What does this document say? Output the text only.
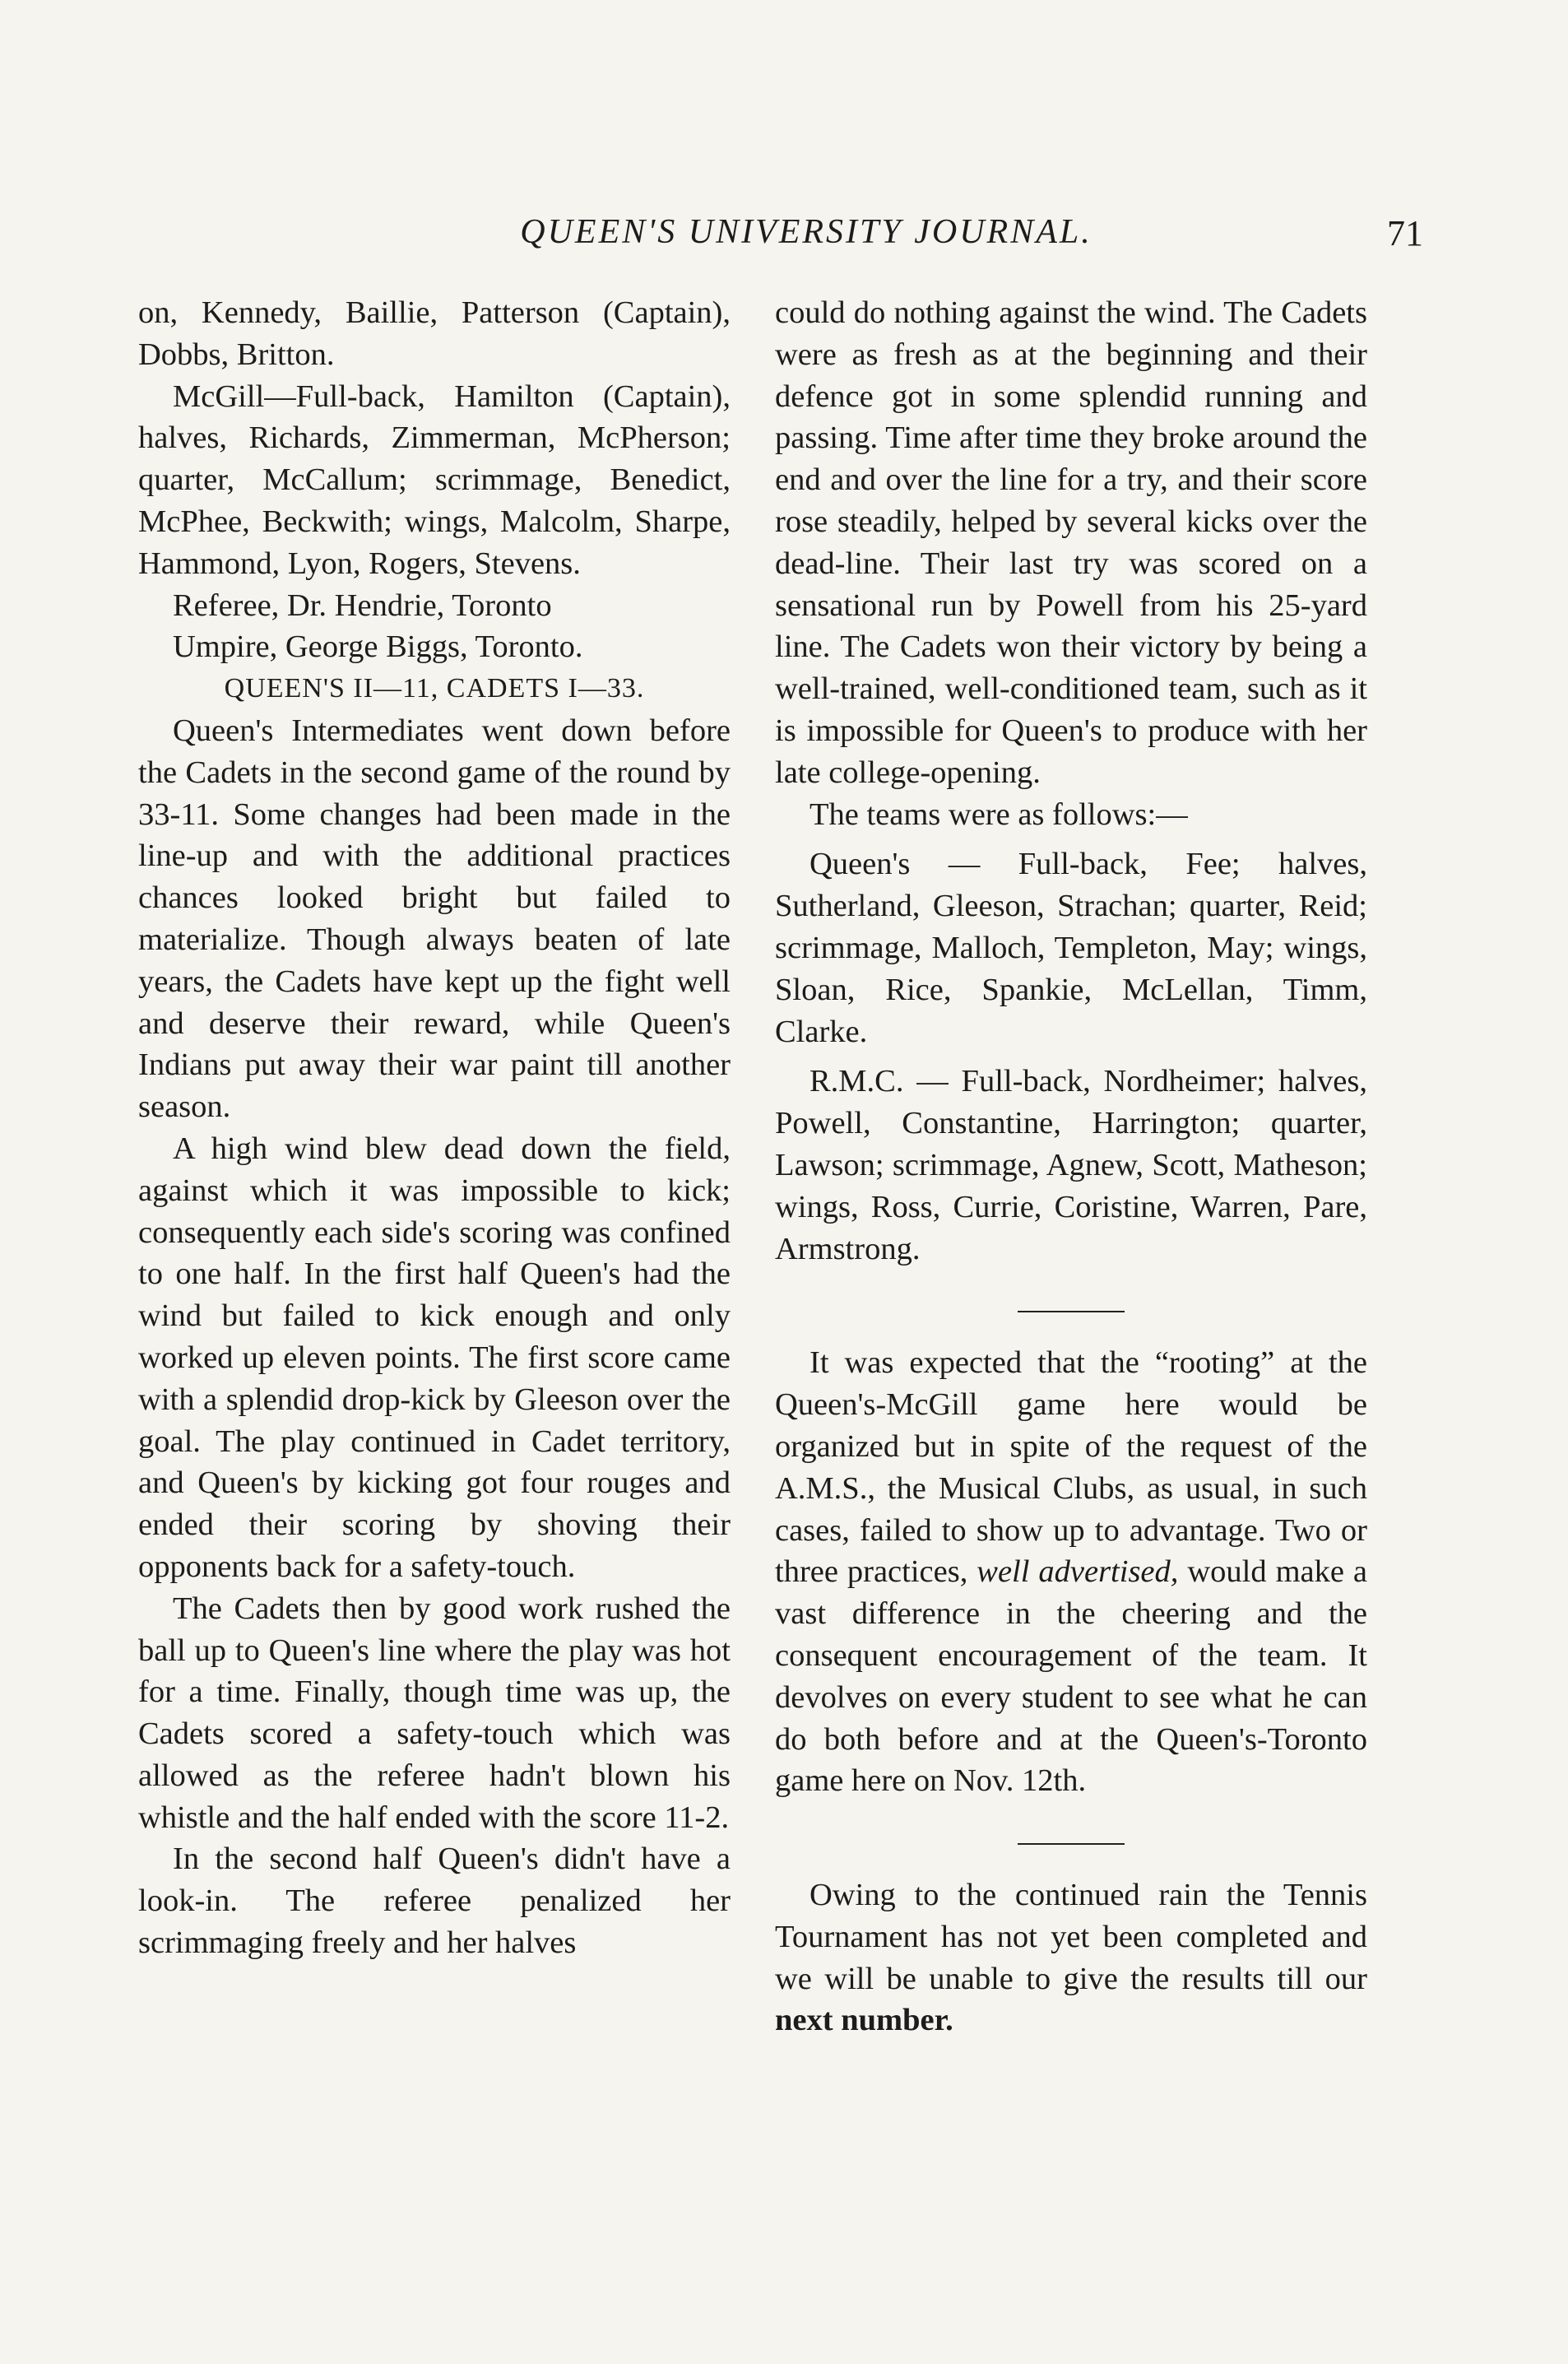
QUEEN'S UNIVERSITY JOURNAL.	71

on, Kennedy, Baillie, Patterson (Captain), Dobbs, Britton.

McGill—Full-back, Hamilton (Captain), halves, Richards, Zimmerman, McPherson; quarter, McCallum; scrimmage, Benedict, McPhee, Beckwith; wings, Malcolm, Sharpe, Hammond, Lyon, Rogers, Stevens.

Referee, Dr. Hendrie, Toronto

Umpire, George Biggs, Toronto.

QUEEN'S II—11, CADETS I—33.

Queen's Intermediates went down before the Cadets in the second game of the round by 33-11. Some changes had been made in the line-up and with the additional practices chances looked bright but failed to materialize. Though always beaten of late years, the Cadets have kept up the fight well and deserve their reward, while Queen's Indians put away their war paint till another season.

A high wind blew dead down the field, against which it was impossible to kick; consequently each side's scoring was confined to one half. In the first half Queen's had the wind but failed to kick enough and only worked up eleven points. The first score came with a splendid drop-kick by Gleeson over the goal. The play continued in Cadet territory, and Queen's by kicking got four rouges and ended their scoring by shoving their opponents back for a safety-touch.

The Cadets then by good work rushed the ball up to Queen's line where the play was hot for a time. Finally, though time was up, the Cadets scored a safety-touch which was allowed as the referee hadn't blown his whistle and the half ended with the score 11-2.

In the second half Queen's didn't have a look-in. The referee penalized her scrimmaging freely and her halves

could do nothing against the wind. The Cadets were as fresh as at the beginning and their defence got in some splendid running and passing. Time after time they broke around the end and over the line for a try, and their score rose steadily, helped by several kicks over the dead-line. Their last try was scored on a sensational run by Powell from his 25-yard line. The Cadets won their victory by being a well-trained, well-conditioned team, such as it is impossible for Queen's to produce with her late college-opening.

The teams were as follows:—

Queen's — Full-back, Fee; halves, Sutherland, Gleeson, Strachan; quarter, Reid; scrimmage, Malloch, Templeton, May; wings, Sloan, Rice, Spankie, McLellan, Timm, Clarke.

R.M.C. — Full-back, Nordheimer; halves, Powell, Constantine, Harrington; quarter, Lawson; scrimmage, Agnew, Scott, Matheson; wings, Ross, Currie, Coristine, Warren, Pare, Armstrong.

It was expected that the “rooting” at the Queen's-McGill game here would be organized but in spite of the request of the A.M.S., the Musical Clubs, as usual, in such cases, failed to show up to advantage. Two or three practices, well advertised, would make a vast difference in the cheering and the consequent encouragement of the team. It devolves on every student to see what he can do both before and at the Queen's-Toronto game here on Nov. 12th.

Owing to the continued rain the Tennis Tournament has not yet been completed and we will be unable to give the results till our next number.
